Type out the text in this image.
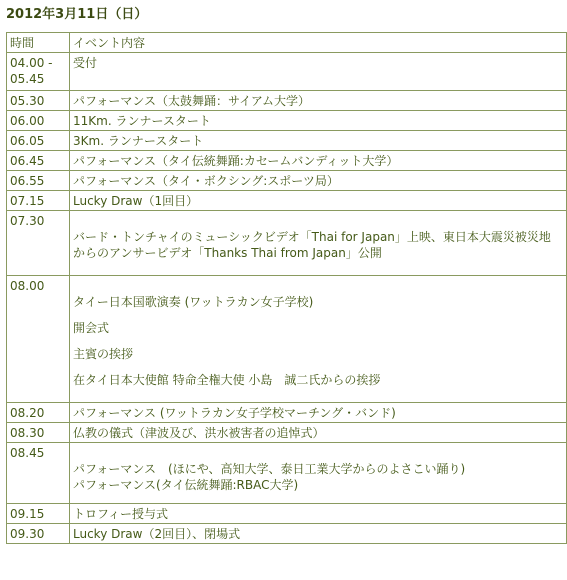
2012年3月11日（日）
時間	イベント内容
04.00 -
05.45	受付

05.30	パフォーマンス（太鼓舞踊：サイアム大学）

06.00	11Km. ランナースタート

06.05	3Km. ランナースタート

06.45	パフォーマンス（タイ伝統舞踊:カセームバンディット大学）

06.55	パフォーマンス（タイ・ボクシング:スポーツ局）

07.15	Lucky Draw（1回目）

07.30	バード・トンチャイのミューシックビデオ「Thai for Japan」上映、東日本大震災被災地からのアンサービデオ「Thanks Thai from Japan」公開

08.00	タイー日本国歌演奏 (ワットラカン女子学校)
開会式
主賓の挨拶
在タイ日本大使館 特命全権大使 小島　誠二氏からの挨拶

08.20	パフォーマンス (ワットラカン女子学校マーチング・バンド)

08.30	仏教の儀式（津波及び、洪水被害者の追悼式）

08.45	パフォーマンス　(ほにや、高知大学、泰日工業大学からのよさこい踊り)
パフォーマンス(タイ伝統舞踊:RBAC大学)

09.15	トロフィー授与式

09.30	Lucky Draw（2回目）、閉場式
